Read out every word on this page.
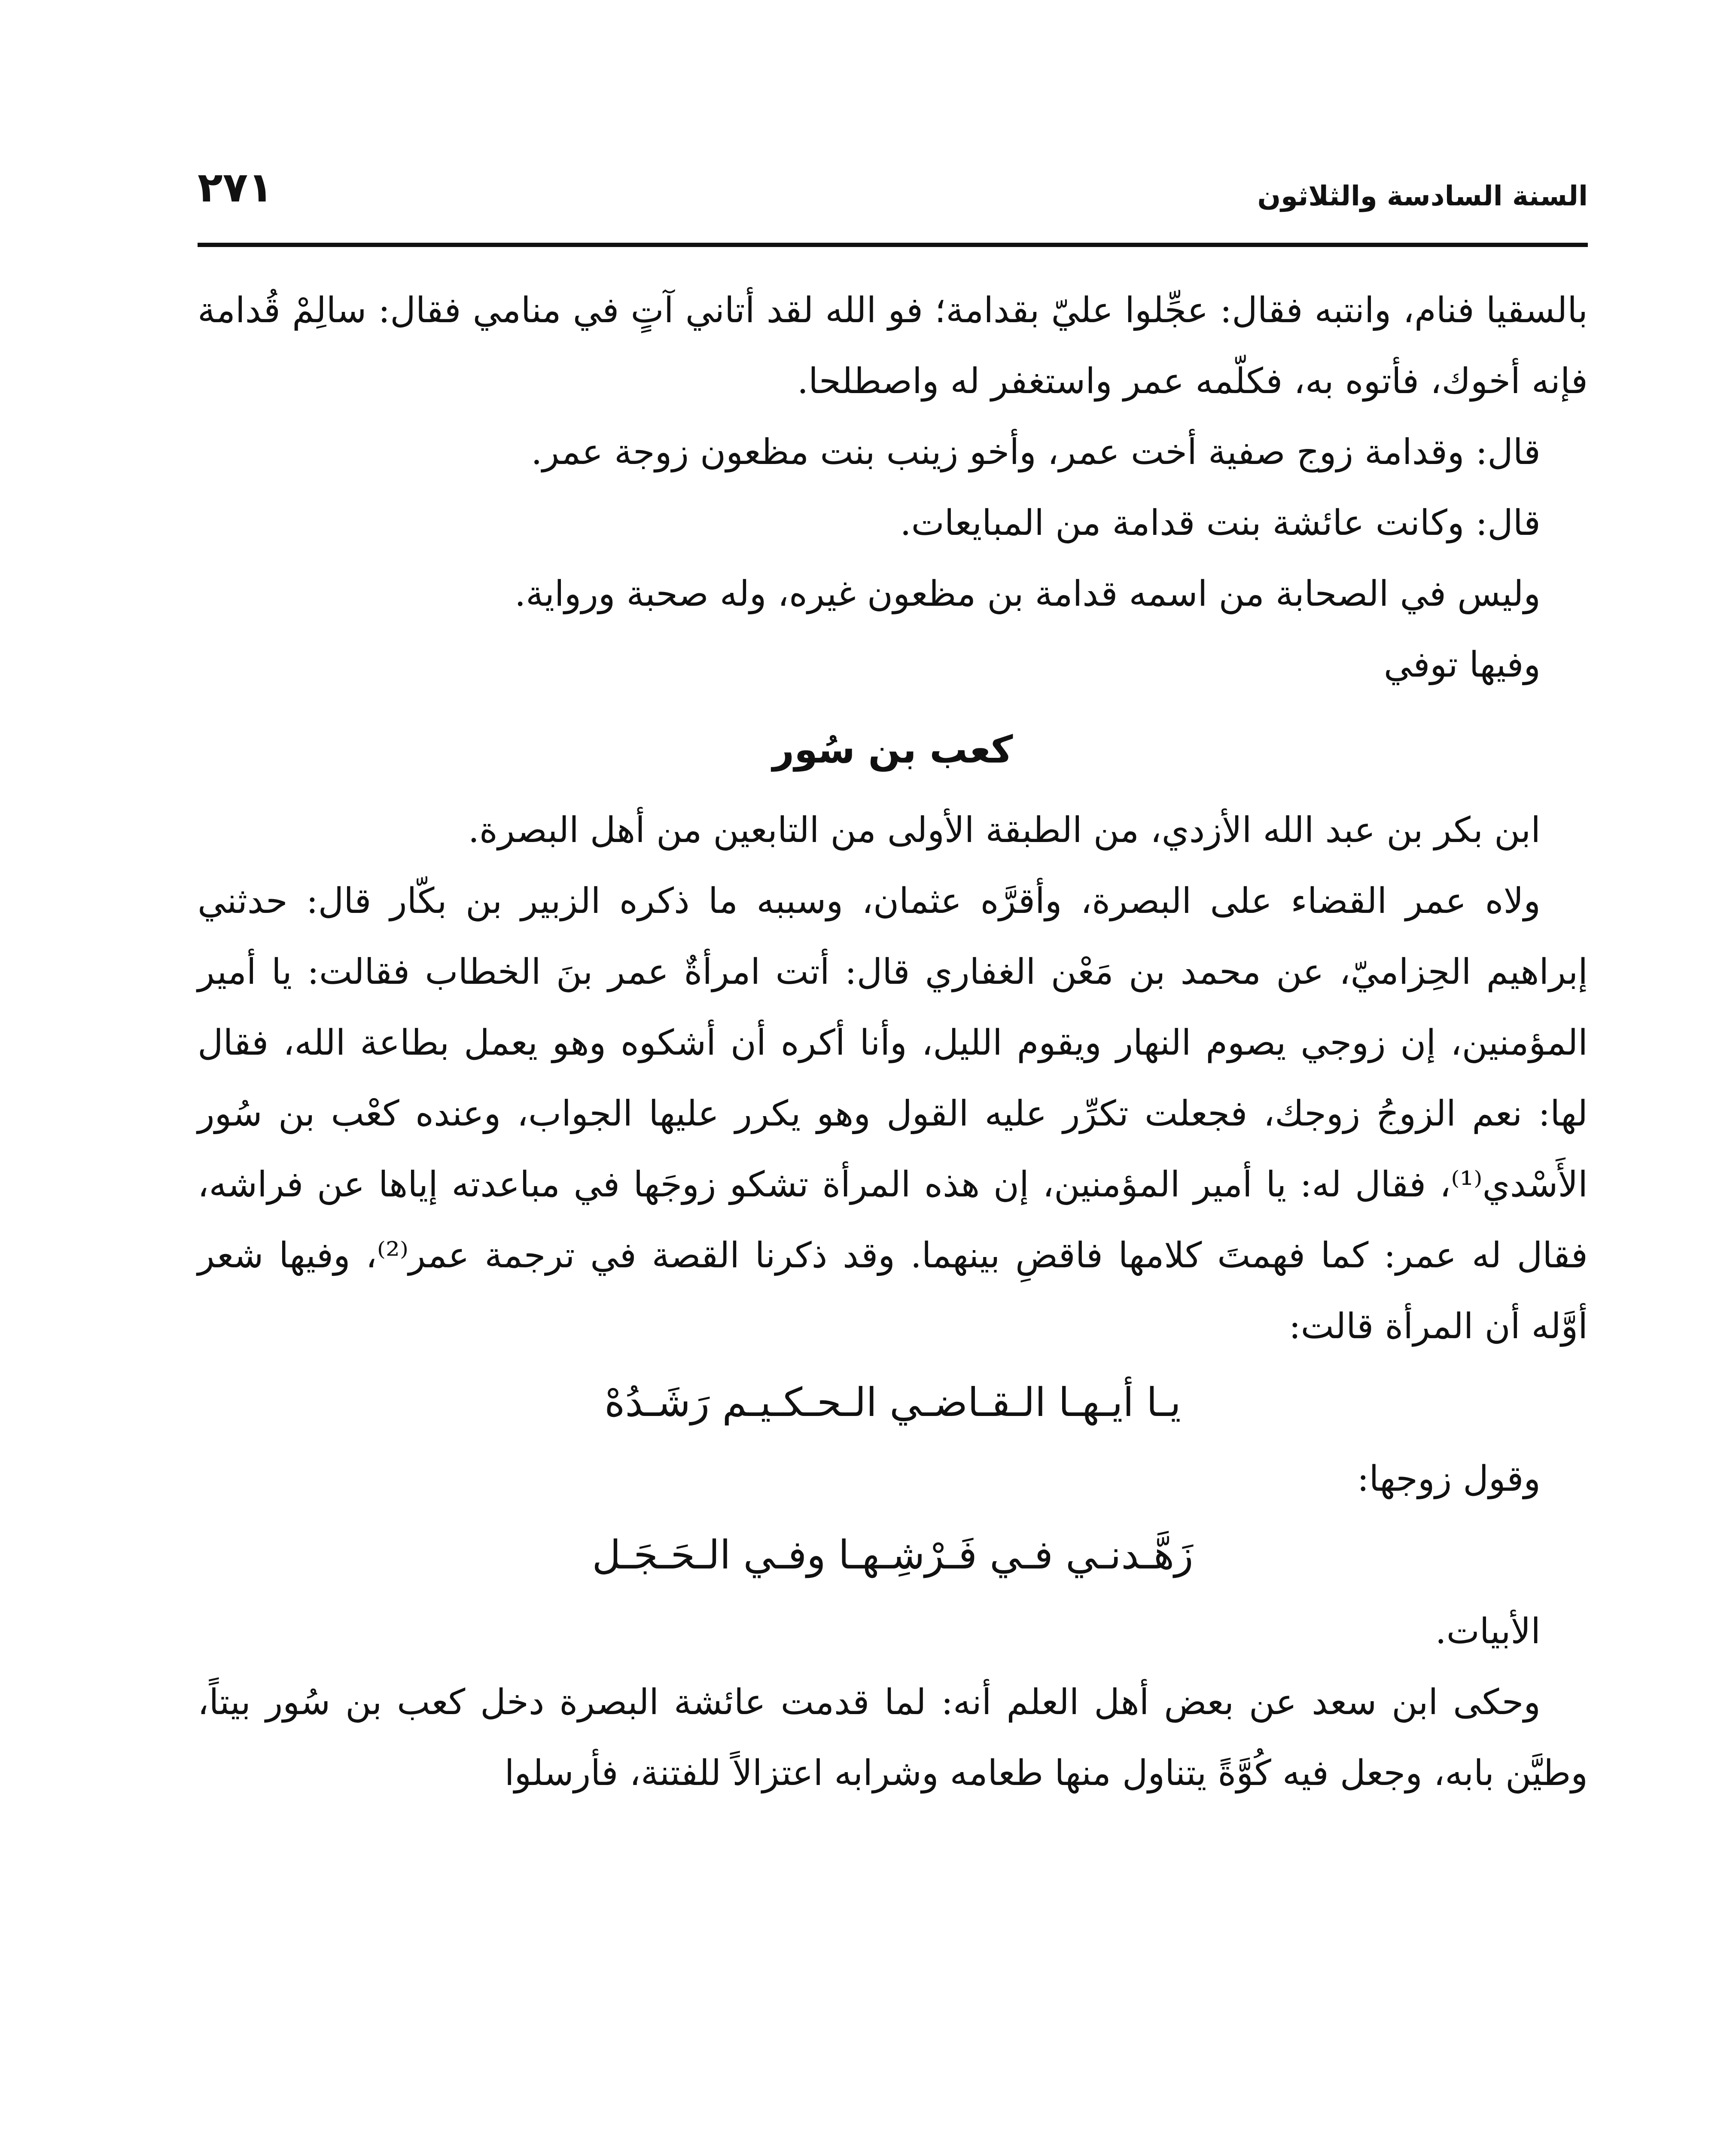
السنة السادسة والثلاثون
٢٧١

بالسقيا فنام، وانتبه فقال: عجِّلوا عليّ بقدامة؛ فو الله لقد أتاني آتٍ في منامي فقال: سالِمْ قُدامة فإنه أخوك، فأتوه به، فكلّمه عمر واستغفر له واصطلحا.

قال: وقدامة زوج صفية أخت عمر، وأخو زينب بنت مظعون زوجة عمر.

قال: وكانت عائشة بنت قدامة من المبايعات.

وليس في الصحابة من اسمه قدامة بن مظعون غيره، وله صحبة ورواية.

وفيها توفي

كعب بن سُور

ابن بكر بن عبد الله الأزدي، من الطبقة الأولى من التابعين من أهل البصرة.

ولاه عمر القضاء على البصرة، وأقرَّه عثمان، وسببه ما ذكره الزبير بن بكّار قال: حدثني إبراهيم الحِزاميّ، عن محمد بن مَعْن الغفاري قال: أتت امرأةٌ عمر بنَ الخطاب فقالت: يا أمير المؤمنين، إن زوجي يصوم النهار ويقوم الليل، وأنا أكره أن أشكوه وهو يعمل بطاعة الله، فقال لها: نعم الزوجُ زوجك، فجعلت تكرِّر عليه القول وهو يكرر عليها الجواب، وعنده كعْب بن سُور الأَسْدي⁽¹⁾، فقال له: يا أمير المؤمنين، إن هذه المرأة تشكو زوجَها في مباعدته إياها عن فراشه، فقال له عمر: كما فهمتَ كلامها فاقضِ بينهما. وقد ذكرنا القصة في ترجمة عمر⁽²⁾، وفيها شعر أوَّله أن المرأة قالت:

يـا أيـهـا الـقـاضـي الـحـكـيـم رَشَـدُهْ

وقول زوجها:

زَهَّـدنـي فـي فَـرْشِـهـا وفـي الـحَـجَـل

الأبيات.

وحكى ابن سعد عن بعض أهل العلم أنه: لما قدمت عائشة البصرة دخل كعب بن سُور بيتاً، وطيَّن بابه، وجعل فيه كُوَّةً يتناول منها طعامه وشرابه اعتزالاً للفتنة، فأرسلوا
